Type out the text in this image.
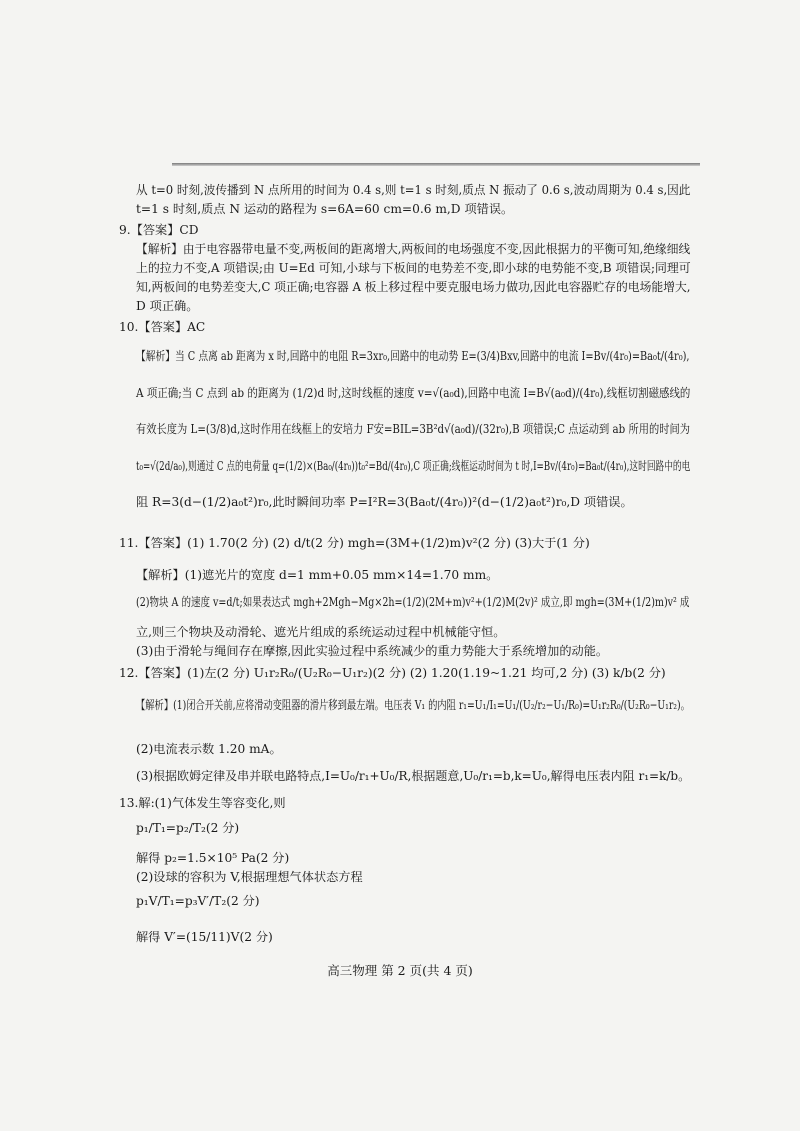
从 t=0 时刻,波传播到 N 点所用的时间为 0.4 s,则 t=1 s 时刻,质点 N 振动了 0.6 s,波动周期为 0.4 s,因此
t=1 s 时刻,质点 N 运动的路程为 s=6A=60 cm=0.6 m,D 项错误。
9.【答案】CD
【解析】由于电容器带电量不变,两板间的距离增大,两板间的电场强度不变,因此根据力的平衡可知,绝缘细线
上的拉力不变,A 项错误;由 U=Ed 可知,小球与下板间的电势差不变,即小球的电势能不变,B 项错误;同理可
知,两板间的电势差变大,C 项正确;电容器 A 板上移过程中要克服电场力做功,因此电容器贮存的电场能增大,
D 项正确。
10.【答案】AC
【解析】当 C 点离 ab 距离为 x 时,回路中的电阻 R=3xr₀,回路中的电动势 E=(3/4)Bxv,回路中的电流 I=Bv/(4r₀)=Ba₀t/(4r₀),
A 项正确;当 C 点到 ab 的距离为 (1/2)d 时,这时线框的速度 v=√(a₀d),回路中电流 I=B√(a₀d)/(4r₀),线框切割磁感线的
有效长度为 L=(3/8)d,这时作用在线框上的安培力 F安=BIL=3B²d√(a₀d)/(32r₀),B 项错误;C 点运动到 ab 所用的时间为
t₀=√(2d/a₀),则通过 C 点的电荷量 q=(1/2)×(Ba₀/(4r₀))t₀²=Bd/(4r₀),C 项正确;线框运动时间为 t 时,I=Bv/(4r₀)=Ba₀t/(4r₀),这时回路中的电
阻 R=3(d−(1/2)a₀t²)r₀,此时瞬间功率 P=I²R=3(Ba₀t/(4r₀))²(d−(1/2)a₀t²)r₀,D 项错误。
11.【答案】(1) 1.70(2 分) (2) d/t(2 分) mgh=(3M+(1/2)m)v²(2 分) (3)大于(1 分)
【解析】(1)遮光片的宽度 d=1 mm+0.05 mm×14=1.70 mm。
(2)物块 A 的速度 v=d/t;如果表达式 mgh+2Mgh−Mg×2h=(1/2)(2M+m)v²+(1/2)M(2v)² 成立,即 mgh=(3M+(1/2)m)v² 成
立,则三个物块及动滑轮、遮光片组成的系统运动过程中机械能守恒。
(3)由于滑轮与绳间存在摩擦,因此实验过程中系统减少的重力势能大于系统增加的动能。
12.【答案】(1)左(2 分) U₁r₂R₀/(U₂R₀−U₁r₂)(2 分) (2) 1.20(1.19~1.21 均可,2 分) (3) k/b(2 分)
【解析】(1)闭合开关前,应将滑动变阻器的滑片移到最左端。电压表 V₁ 的内阻 r₁=U₁/I₁=U₁/(U₂/r₂−U₁/R₀)=U₁r₂R₀/(U₂R₀−U₁r₂)。
(2)电流表示数 1.20 mA。
(3)根据欧姆定律及串并联电路特点,I=U₀/r₁+U₀/R,根据题意,U₀/r₁=b,k=U₀,解得电压表内阻 r₁=k/b。
13.解:(1)气体发生等容变化,则
p₁/T₁=p₂/T₂(2 分)
解得 p₂=1.5×10⁵ Pa(2 分)
(2)设球的容积为 V,根据理想气体状态方程
p₁V/T₁=p₃V′/T₂(2 分)
解得 V′=(15/11)V(2 分)
高三物理 第 2 页(共 4 页)
